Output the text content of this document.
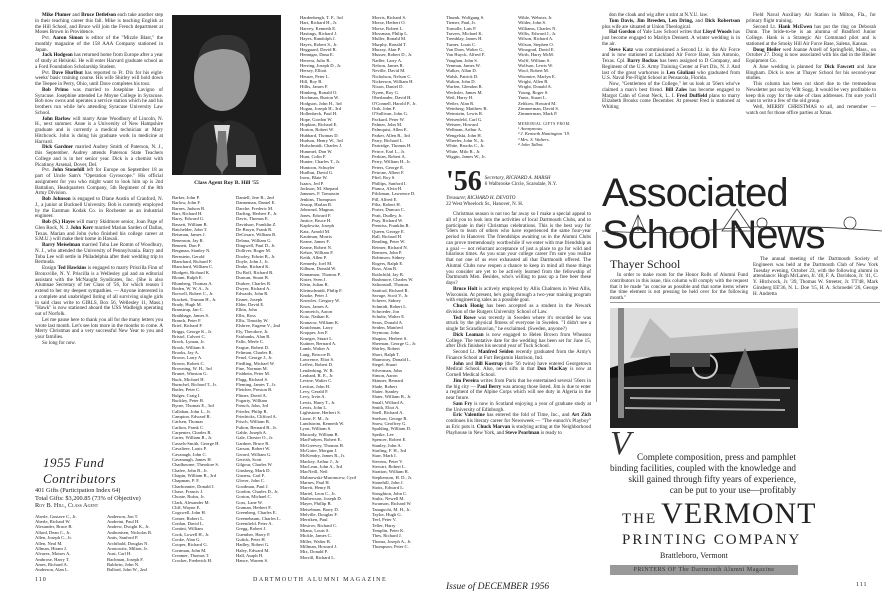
Mike Plumer and Bruce Detlefson each take another step in their teaching career this fall. Mike is teaching English at the Hill School, and Bruce will join the French department at Moses Brown in Providence.

Pvt. Aaron Simon is editor of the "Mizzle Blast," the monthly magazine of the 158 AAA Company stationed in Japan.

Jack Hodgson has returned home from Europe after a year of study at Helsinki. He will enter Harvard graduate school as a Ford Foundation Scholarship Student.

Pvt. Dave Hurlbut has reported to Ft. Dix for his eight-weeks' basic training course. His wife Shirley will hold down the Teepee in Perry, Ohio, until Dave completes his tour.

Bob Primo was married to Josephine Lavigno of Syracuse. Josephine attended Le Moyne College in Syracuse. Bob now owns and operates a service station which he and his brothers run while he's attending Syracuse University Law School.

John Barlow will marry Anne Woodbury of Lincoln, N. H., next summer. Anne is a University of New Hampshire graduate and is currently a medical technician at Mary Hitchcock. John is doing his graduate work in medicine at Harvard.

Dick Gardner married Audrey Smith of Paterson, N. J., this September. Audrey attends Paterson State Teachers College and is in her senior year. Dick is a chemist with Picatinny Arsenal, Dover, Del.

Pvt. John Stonehill left for Europe on September 18 as part of Uncle Sam's "Operation Gyroscope." His official assignment for you who might want to look him up is 2nd Battalion, Headquarters Company, 5th Regiment of the 8th Army Division.

Bob Johnson is engaged to Diane Austin of Cranford, N. J., a junior at Bucknell University. Bob is currently employed by the Eastman Kodak Co. in Rochester as an industrial engineer.

Bob (S.) Hayes will marry Skidmore senior, Joan Page of Glen Rock, N. J. John Kerr married Marian Sarden of Dallas, Texas. Marian and John (who finished his college career at S.M.U.) will make their home in Hawaii.

Barry Meiselman married Toba Lee Romm of Woodbury, N. J., who attended the University of Pennsylvania. Barry and Toba Lee will settle in Philadelphia after their wedding trip to Bermuda.

Ensign Ted Hawkins is engaged to marry Priscilla Finn of Bronxville, N. Y. Priscilla is a Wellesley gal and an editorial assistant with the McNaught Syndicates, Inc. (She is also Alumnae Secretary of her Class of '56, for which reason I extend to her my deepest sympathies. — Anyone interested in a complete and unabridged listing of all surviving single girls in said class write to GIRLS, Box 56, Wellesley 11, Mass.) "Hawk" is now stationed aboard the USS Wadleigh operating out of Norfolk.

Let me pause here to thank you all for the many letters you wrote last month. Let's see lots more in the months to come. A Merry Christmas and a very successful New Year to you and your families.

So long for now.

1955 Fund Contributors
401 Gifts (Participation Index 64)
Total Gifts: $3,200.85 (73% of Objective)
Roy B. Hill, Class Agent
Aberle, Gustave C., Jr.
Aberle, Richard W.
Alexander, Bruce B.
Allard, Dean C., Jr.
Allen, Joseph C., Jr.
Allen, Neal M.
Allman, Hiram J.
Alvarez, Moises A.
Ambrose, Harry T.
Ames, Richard A.
Anderson, Alan L.
Anderson, Jon T.
Andreini, Paul H.
Andrew, Dwight K., Jr.
Anthonisen, Nicholas R.
Antis, Sanford P.
Archibald, Douglas N.
Aronowitz, Milton, Jr.
Aust, Carl H.
Bachman, Joseph F.
Baldwin, John N.
Ballard, John W., 2nd
110
Class Agent Roy B. Hill '55
Barker, John P.
Barlow, John F.
Barnes, Judson B.
Barr, Richard H.
Barry, Edward G.
Bassett, William B.
Batchelder, John T.
Beisman, James J.
Benenson, Jay R.
Bennett, Don F.
Bergman, Stanley N.
Bernstein, Gerald
Blanchard, Richard F.
Blanchard, William C.
Blodgett, Richard K.
Blount, Ralph E.
Blumberg, Thomas A.
Boden, W. W. A., Jr.
Borwell, Robert C., Jr.
Brackett, Truman H., Jr.
Brady, Hugh M.
Branstrup, Jan C.
Brathhage, James S.
Branch, Peter F.
Brief, Richard F.
Briggs, George K., Jr.
Bristol, Calvert C.
Brock, Lyman, Jr.
Brook, William S.
Brooks, Jay A.
Brown, Larry A.
Brown, Robert C.
Browning, W. H., 3rd
Brunet, Winston G.
Buck, Michael H.
Burnchel, Richard T., Jr.
Butler, Peter C.
Bulger, Craig I.
Buckley, Peter B.
Byrne, Thomas E., 3rd
Callahan, John L., Jr.
Campion, Edward R.
Carlsen, Thomas
Carlton, Frank C.
Carpenter, Charles B.
Carter, William R., Jr.
Cassels-Smith, George H.
Cavaliere, Louis P.
Cavanagh, John C.
Cavanaugh, James H.
Chadbourne, Theodore S.
Chafee, John B., Jr.
Chapin, William B., 3rd
Chapman, P. F.
Charbonnier, Donald J.
Chase, Francis J.
Choate, Rufus, Jr.
Clark, Alexander M.
Cliff, Wayne E.
Cogswell, John H.
Comer, Robert L.
Conlan, David L.
Contini, William
Cook, Lowell H., Jr.
Cooke, Alan G.
Cooper, Richard G.
Cornman, John M.
Creamer, Thomas T.
Crocker, Frederick H.
Daniell, Jere R., 2nd
Danneman, Daniel E.
Darche, Frederic M.
Darling, Herbert F., Jr.
Davis, Thomas E.
Davidson, Franklin Z.
De Bruyn, Frank R.
DeCesare, William R.
Delana, William G.
Dingwell, Paul D., Jr.
Dolliver, Roger M.
Dooley, Edwin B., Jr.
Doyle, John J., Jr.
Drake, Richard K.
Du Boff, Richard B.
Duncan, Stuart B.
Durkee, Charles R.
Dwyer, Richard A.
Edwards, John R.
Eisner, Joseph
Elder, David E.
Elkin, John
Ellis, Ross
Ellis, Timothy W.
Elsbree, Eugene V., 2nd
Ely, Theodore, Jr.
Fairbanks, Alan R.
Fallo, Merle C.
Fargue, Robert D.
Feltman, Charles R.
Fenzl, George J., Jr.
Fiedling, Michael W.
Fine, Norman M.
Fishbein, Peter M.
Flagg, Richard S.
Fleming, James T., Jr.
Fletcher, Preston B.
Flitner, David A.
Fogarty, William
French, John, 3rd
Frieder, Philip R.
Friedricks, Clifford A.
Frisch, William B.
Fulton, Bernard B., Jr.
Gable, Joseph A.
Gale, Chester O., Jr.
Gardner, Bruce R.
Garson, Robert W.
Gerard, William G.
Gerrish, Scott
Gilgour, Charles W.
Ginsberg, Mark D.
Gisness, Carl F.
Glover, John C.
Goodman, Paul J.
Gordon, Charles D., Jr.
Gorton, Michael C.
Goss, Lane W.
Graman, Herbert F.
Greenberg, Charles E.
Greenebaum, Charles L.
Greenfield, Peter A.
Gregg, Robert J.
Guenther, Harry F.
Gulick, Peter H.
Hadley, Robert G.
Haley, Edward M.
Hall, Asaph H.
Hance, Warren S.
Hardenbergh, T. F., 3rd
Hart, Richard H., Jr.
Harvey, Kenneth E.
Hastings, Richard J.
Hayes, Randolph J.
Hayes, Robert S., Jr.
Heggaard, David B.
Hennigar, Dana E.
Herrera, Julio R.
Herring, Joseph D., Jr.
Hersey, Elliott
Heuser, Peter L.
Hill, Roy B.
Hillis, James F.
Himberg, Ronald O.
Hochman, Burton W.
Hodgson, John H., 3rd
Hogan, Joseph H., 3rd
Hollenbeck, Paul H.
Hope, Gordon W.
Hopkins, Richard E.
Horton, Robert W.
Hubbard, Thomas D.
Hudson, Henry W., 3rd
Hufschmidt, Charles J.
Hummel, Don W.
Hunt, Colin F.
Hunter, Charles T., Jr.
Huntoon, Schuyler
Hurlbut, David G.
Irons, Blaie W.
Isaacs, Jed P.
Jackson, M. Shepard
Jammes, F. Tomassin
Jenkins, Thompson
Jessup, Harlan R.
Johnsrud, Magnus
Jones, Edward F.
Justice, Bruce H.
Kaplowitz, Joseph
Katz, Arnold M.
Kaufman, Morris
Keane, James F.
Keane, Robert N.
Kehoe, William F.
Keith, Allen P.
Kennedy, Joel M.
Kilburn, Donald W.
Kinnamon, Thomas P.
Kister, Sven J.
Klein, Julian R.
Kleinschmidt, Philip F.
Knoke, Peter J.
Knowles, Gregory W.
Knox, James A.
Kornreich, Aaron
Kotz, Nathan K.
Kranzow, William K.
Kratchman, Larry
Kropper, Jon F.
Krueger, Stuart L.
Kuttner, Bernard A.
Lamb, Walter A.
Lang, Briscoe B.
Lawrence, Eliot S.
Leffert, Robert D.
Lenderking, W. R.
Lenhard, R. E., Jr.
Levine, Walter C.
Levitas, John H.
Levy, Gerald F.
Levy, Irvin A.
Lewis, Harry T., Jr.
Lewis, John L.
Lightstone, Herbert S.
Lione, F. M., Jr.
Lundstrom, Kenneth W.
Lyon, William S.
Macurdy, William B.
MacFadyen, Robert E.
McGreevey, Thomas H.
McGuire, Morgan J.
McKendry, James R., Jr.
Mackey, Arthur J., Jr.
MacLean, John A., 3rd
MacNeill, Neil
Malinowski-Muromcew, Cyril
Marnes, Paul H.
Marett, Henry B.
Martel, Leon C., Jr.
Mathewson, Joseph D.
Mayer, Phillip B.
Meiselman, Barry D.
Melville, Douglas F.
Merriken, Paul
Mesirov, Richard C.
Miano, Louis S.
Mickle, James C.
Miller, Walter B.
Millman, Howard J.
Mix, Donald P.
Morrill, Richard L.
Morris, Richard S.
Morse, Herbert O.
Morse, Robert L.
Mossman, Philip L.
Muller, Ronald M.
Murphy, Ronald T.
Murray, Alan P.
Musser, Robert D., Jr.
Nadler, Larry A.
Nelson, James R.
Neville, David M.
Nicholson, Nelson C.
Nickerson, William H.
Nixon, Daniel D.
Nyren, Roy G.
Oberlander, David H.
O'Connell, Harold P., Jr.
Orth, John F.
O'Sullivan, John G.
Packard, Peter W.
Palmer, John M.
Palmquist, Allen E.
Parker, Allen B., 3rd
Parry, Richard L.
Partridge, Thomas H.
Peirce, Earl L., Jr.
Perkins, Robert A.
Perry, William H., Jr.
Peters, George E.
Petrone, Albert F.
Pfiel, Roy S.
Phillips, Sanford I.
Pianca, Alvin H.
Pilchman, Lawrence D.
Pill, Alfred E.
Piltz, Robert H.
Porter, Duncan C.
Pratt, Dudley, Jr.
Pray, Richard W.
Prentiss, Franklin R.
Queen, George E.
Rall, Richard H.
Reading, Peter W.
Reimer, Richard N.
Remsen, John P.
Robinson, Sidney
Rogers, Ralph E.
Ross, Alan B.
Rothchild, Jay B.
Rushmore, Charles W.
Saltonstall, Thomas
Sanford, Richard R.
Savage, Scott V., Jr.
Scherer, Sidney
Schmidt, Robert L.
Schroeder, Jon
Schultz, Walter E.
Sears, Donald A.
Seiden, Manfred
Seymour, John
Shapiro, Herbert S.
Sherman, George G., Jr.
Shirley, Robert
Short, Ralph T.
Shumway, Donald L.
Siegel, Stuart
Silverman, John
Simon, Aaron
Skinner, Bernard
Slade, Robert
Slater, Stanley
Slater, William B., Jr.
Small, Willard A.
Smith, Eliot A.
Snell, Richard A.
Snelson, George R.
Snow, Geoffrey G.
Spalding, William D.
Speike, Lee
Spencer, Robert E.
Stanley, John A.
Starling, F. H., 3rd
Starr, Mark I.
Stevens, Peter V.
Stewart, Robert L.
Stratton, William R.
Stephenson, H. D., Jr.
Stonehill, John J.
Stotts, Edward L.
Stoughton, John C.
Stultz, Newell M.
Swanson, Richard W.
Tanaguchi, M. H., Jr.
Taylor, Hugh G.
Teel, Peter V.
Teller, Harry
Templin, Peter K.
Thes, Richard J.
Thoma, Joseph A., Jr.
Thompson, Peter C.
DARTMOUTH ALUMNI MAGAZINE
Thumb, Wolfgang S.
Tiemer, Paul, Jr.
Tornolle, Luis P.
Travers, Michael K.
Tremblay, James H.
Turner, Louis C.
Van Dorn, Walter G.
Van Huyck, Alfred F.
Vaughan, John S.
Venman, James W.
Walker, Allan D.
Walsh, Patrick D.
Walton, John D.
Warfen, Glendon R.
Wechsler, James M.
Weil, Harry H.
Weiler, Alan R.
Weinberg, Matthew B.
Weinstein, Lewis R.
Weisenfeld, Carl G.
Weisner, Howard
Wellman, Arthur A.
Wengelski, John H.
Wheeler, John N., Jr.
White, Brooks C., Jr.
White, Milo R., Jr.
Wiggin, James W., Jr.
Wible, Webster, Jr.
Wilder, John S.
Williams, Charles N.
Willis, Edward J., Jr.
Wilson, Richard A.
Wilson, Stephen O.
Winograd, David E.
Wirth, Harry McM.
Wolff, William S.
Wolfson, Lewis W.
Wool, Robert M.
Woomire, Marlyn E.
Wright, Allen B.
Wright, Donald A.
Young, Roger S.
Yunis, Stuart L.
Zelikow, Howard M.
Zimmerman, David S.
Zimmerman, Mark P.
MEMORIAL GIFTS FROM:
¹ Anonymous.
² J. Kenneth Huntington '19.
³ Mrs. S. Walters.
⁴ John Talbot.
'56 Secretary, RICHARD A. MARSH
6 Walbrooke Circle, Scarsdale, N.Y.
Treasurer, RICHARD H. DEVOTO
22 West Wheelock St., Hanover, N. H.

Christmas season is not too far away so I make a special appeal to all of you to look into the activities of local Dartmouth Clubs, and to participate in their Christmas celebrations. This is the best way for '56ers to learn of others who have experienced the same four-year period in Hanover. The friendships awaiting us in the Alumni Clubs can prove tremendously worthwhile if we enter with true friendship as a goal — not reluctant acceptance of just a place to go for wild and hilarious times. As you scan your college career I'm sure you realize that not one of us ever exhausted all that Dartmouth offered. The Alumni Clubs now reopen a chance to keep in mind all those things you consider are yet to be actively learned from the fellowship of Dartmouth Men. Besides, who's willing to pass up a free beer these days?

Bruce Holt is actively employed by Allis Chalmers in West Allis, Wisconsin. At present, he's going through a two-year training program with engineering sales as a possible goal.

Chuck Honig has been accepted as a student in the Newark division of the Rutgers University School of Law.

Ted Rowe was recently in Sweden where it's recorded he was struck by the physical fitness of everyone in Sweden. "I didn't see a single fat Scandinavian," he exclaimed. (Sweden, anyone?)

Dick Leaman is now engaged to Helen Brown from Wheaton College. The tentative date for the wedding has been set for June 15, after Dick finishes his second year of Tuck School.

Second Lt. Manfred Seiden recently graduated from the Army's Finance School at Fort Benjamin Harrison, Ind.

John and Bill Kostrup (the '56 twins) have entered Georgetown Medical School. Also, news sifts in that Don MacKay is now at Cornell Medical School.

Jim Pereira writes from Paris that he entertained several '56ers in the big city — Paul Berry was among those listed. Jim is due to enter a regiment of the Alpine Corps which will see duty in Algeria in the near future.

Sam Fry is now in Scotland enjoying a year of graduate study at the University of Edinburgh.

Eric Valentine has entered the fold of Time, Inc., and Art Zich continues his literary career for Newsweek — "The eunuch's Playboy" as Eric puts it. Chuck Marvan is studying acting at the Neighborhood Playhouse in New York, and Steve Pearlman is ready to

Issue of DECEMBER 1956

don the cloak and wig after a stint at N.Y.U. law.

Tom Davis, Jim Breeden, Len Dring, and Dick Robertson plus wife are situated at Union Theological.

Hal Gordon of Yale Law School writes that Lloyd Woods has just become engaged to Marilyn Dennett. A winter wedding is in the air.

Steve Katz was commissioned a Second Lt. in the Air Force and is now stationed at Lackland Air Force Base, San Antonio, Texas. Cpl. Barry Bockus has been assigned to D Company, and Regiment of the U.S. Army Training Center at Fort Dix, N. J. And last of the great warhorses is Len Giuliani who graduated from U.S. Naval Pre-Flight School at Pensacola, Florida.

Now, "Gentlemen of the College," let us look at '56ers who've claimed a man's best friend. Bill Zales has become engaged to Margot Cahn of Great Neck, L. I. Fred Duffield plans to marry Elizabeth Brooks come December. At present Fred is stationed at Whiting

Field Naval Auxiliary Air Station in Milton, Fla., for primary flight training.

Second Lt. Hank McEwen has put the ring on Deborah Dunn. The bride-to-be is an alumna of Bradford Junior College. Hank is a Strategic Air Command pilot and is stationed at the Smoky Hill Air Force Base, Salena, Kansas.

Doug Bleiler wed Joanne Axtell of Springfield, Mass., on October 27. Doug is now associated with his dad in the Bleiler Equipment Co.

A June wedding is planned for Dick Fawcett and Jane Bingham. Dick is now at Thayer School for his second-year studies.

This column has been cut short due to the tremendous Newsletter put out by Wilt Sogg. It would be very profitable to keep this copy for the sake of class addresses. I'm sure you'll want to write a few of the old group.

Well, MERRY CHRISTMAS to all, and remember — watch out for those office parties at Xmas.

Associated School News
Thayer School

In order to make room for the Honor Rolls of Alumni Fund contributors in this issue, this column will comply with the request that it be made "as concise as possible and that some items where the time element is not pressing be held over for the following month."

The annual meeting of the Dartmouth Society of Engineers was held at the Dartmouth Club of New York Tuesday evening, October 23, with the following alumni in attendance: Hugh McLaren, Jr. '40, F. A. Davidson, Jr. '41, C. Y. Hitchcock, Jr. '39, Thomas W. Streeter, Jr. TT'48, Mark Ginsberg EE'36, N. L. Doe '15, H. A. Schroedel '26, George H. Andretta

V Complete composition, press and pamphlet
binding facilities, coupled with the knowledge and
skill gained through fifty years of experience,
can be put to your use—profitably
THE VERMONT
PRINTING COMPANY
Brattleboro, Vermont
PRINTERS OF The Dartmouth Alumni Magazine
111
